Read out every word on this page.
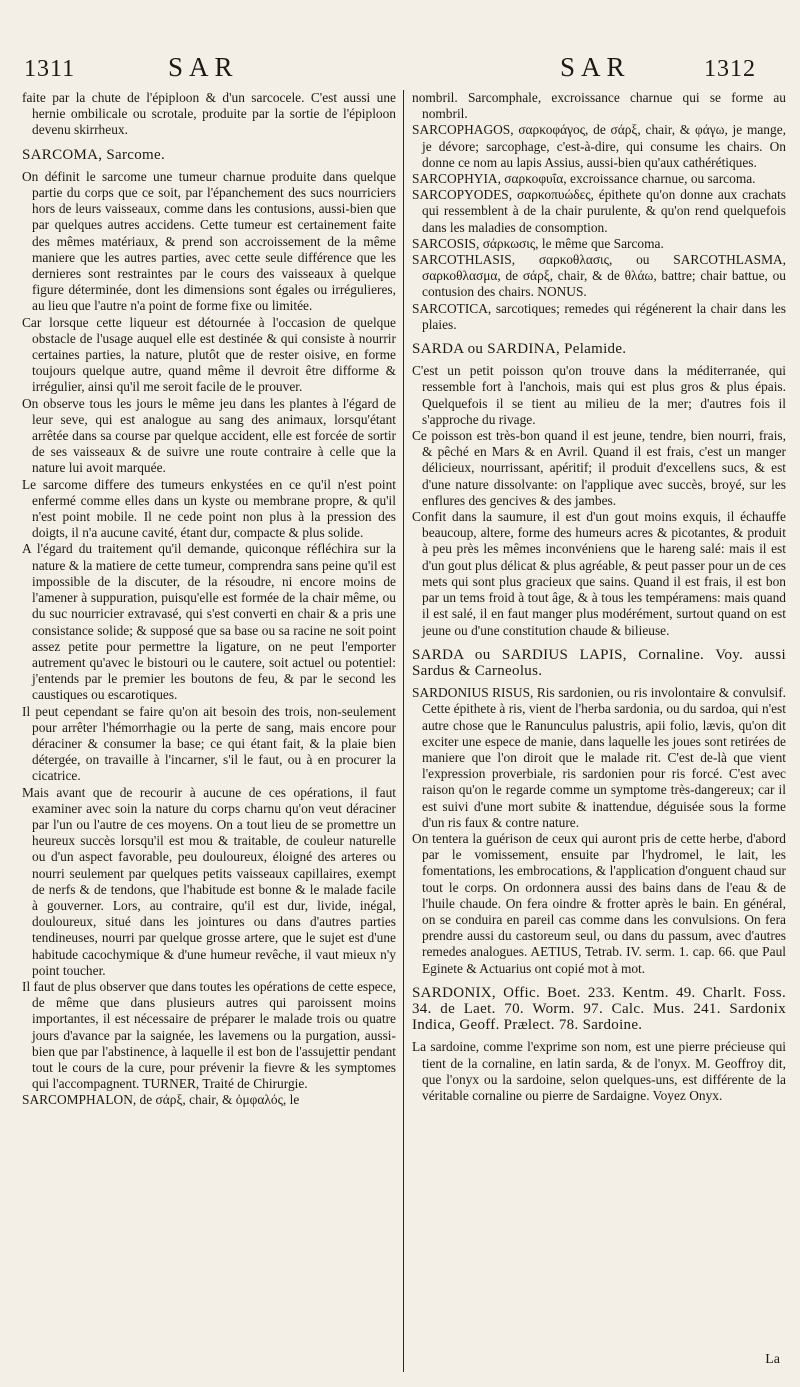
1311	SAR	SAR	1312

faite par la chute de l'épiploon & d'un sarcocele. C'est aussi une hernie ombilicale ou scrotale, produite par la sortie de l'épiploon devenu skirrheux.

SARCOMA, Sarcome.

On définit le sarcome une tumeur charnue produite dans quelque partie du corps que ce soit, par l'épanchement des sucs nourriciers hors de leurs vaisseaux, comme dans les contusions, aussi-bien que par quelques autres accidens. Cette tumeur est certainement faite des mêmes matériaux, & prend son accroissement de la même maniere que les autres parties, avec cette seule différence que les dernieres sont restraintes par le cours des vaisseaux à quelque figure déterminée, dont les dimensions sont égales ou irrégulieres, au lieu que l'autre n'a point de forme fixe ou limitée.

Car lorsque cette liqueur est détournée à l'occasion de quelque obstacle de l'usage auquel elle est destinée & qui consiste à nourrir certaines parties, la nature, plutôt que de rester oisive, en forme toujours quelque autre, quand même il devroit être difforme & irrégulier, ainsi qu'il me seroit facile de le prouver.

On observe tous les jours le même jeu dans les plantes à l'égard de leur seve, qui est analogue au sang des animaux, lorsqu'étant arrêtée dans sa course par quelque accident, elle est forcée de sortir de ses vaisseaux & de suivre une route contraire à celle que la nature lui avoit marquée.

Le sarcome differe des tumeurs enkystées en ce qu'il n'est point enfermé comme elles dans un kyste ou membrane propre, & qu'il n'est point mobile. Il ne cede point non plus à la pression des doigts, il n'a aucune cavité, étant dur, compacte & plus solide.

A l'égard du traitement qu'il demande, quiconque réfléchira sur la nature & la matiere de cette tumeur, comprendra sans peine qu'il est impossible de la discuter, de la résoudre, ni encore moins de l'amener à suppuration, puisqu'elle est formée de la chair même, ou du suc nourricier extravasé, qui s'est converti en chair & a pris une consistance solide; & supposé que sa base ou sa racine ne soit point assez petite pour permettre la ligature, on ne peut l'emporter autrement qu'avec le bistouri ou le cautere, soit actuel ou potentiel: j'entends par le premier les boutons de feu, & par le second les caustiques ou escarotiques.

Il peut cependant se faire qu'on ait besoin des trois, non-seulement pour arrêter l'hémorrhagie ou la perte de sang, mais encore pour déraciner & consumer la base; ce qui étant fait, & la plaie bien détergée, on travaille à l'incarner, s'il le faut, ou à en procurer la cicatrice.

Mais avant que de recourir à aucune de ces opérations, il faut examiner avec soin la nature du corps charnu qu'on veut déraciner par l'un ou l'autre de ces moyens. On a tout lieu de se promettre un heureux succès lorsqu'il est mou & traitable, de couleur naturelle ou d'un aspect favorable, peu douloureux, éloigné des arteres ou nourri seulement par quelques petits vaisseaux capillaires, exempt de nerfs & de tendons, que l'habitude est bonne & le malade facile à gouverner. Lors, au contraire, qu'il est dur, livide, inégal, douloureux, situé dans les jointures ou dans d'autres parties tendineuses, nourri par quelque grosse artere, que le sujet est d'une habitude cacochymique & d'une humeur revêche, il vaut mieux n'y point toucher.

Il faut de plus observer que dans toutes les opérations de cette espece, de même que dans plusieurs autres qui paroissent moins importantes, il est nécessaire de préparer le malade trois ou quatre jours d'avance par la saignée, les lavemens ou la purgation, aussi-bien que par l'abstinence, à laquelle il est bon de l'assujettir pendant tout le cours de la cure, pour prévenir la fievre & les symptomes qui l'accompagnent. TURNER, Traité de Chirurgie.

SARCOMPHALON, de σάρξ, chair, & ὀμφαλός, le

nombril. Sarcomphale, excroissance charnue qui se forme au nombril.

SARCOPHAGOS, σαρκοφάγος, de σάρξ, chair, & φάγω, je mange, je dévore; sarcophage, c'est-à-dire, qui consume les chairs. On donne ce nom au lapis Assius, aussi-bien qu'aux cathérétiques.

SARCOPHYIA, σαρκοφυΐα, excroissance charnue, ou sarcoma.

SARCOPYODES, σαρκοπυώδες, épithete qu'on donne aux crachats qui ressemblent à de la chair purulente, & qu'on rend quelquefois dans les maladies de consomption.

SARCOSIS, σάρκωσις, le même que Sarcoma.

SARCOTHLASIS, σαρκοθλασις, ou SARCOTHLASMA, σαρκοθλασμα, de σάρξ, chair, & de θλάω, battre; chair battue, ou contusion des chairs. NONUS.

SARCOTICA, sarcotiques; remedes qui régénerent la chair dans les plaies.

SARDA ou SARDINA, Pelamide.

C'est un petit poisson qu'on trouve dans la méditerranée, qui ressemble fort à l'anchois, mais qui est plus gros & plus épais. Quelquefois il se tient au milieu de la mer; d'autres fois il s'approche du rivage.

Ce poisson est très-bon quand il est jeune, tendre, bien nourri, frais, & pêché en Mars & en Avril. Quand il est frais, c'est un manger délicieux, nourrissant, apéritif; il produit d'excellens sucs, & est d'une nature dissolvante: on l'applique avec succès, broyé, sur les enflures des gencives & des jambes.

Confit dans la saumure, il est d'un gout moins exquis, il échauffe beaucoup, altere, forme des humeurs acres & picotantes, & produit à peu près les mêmes inconvéniens que le hareng salé: mais il est d'un gout plus délicat & plus agréable, & peut passer pour un de ces mets qui sont plus gracieux que sains. Quand il est frais, il est bon par un tems froid à tout âge, & à tous les tempéramens: mais quand il est salé, il en faut manger plus modérément, surtout quand on est jeune ou d'une constitution chaude & bilieuse.

SARDA ou SARDIUS LAPIS, Cornaline. Voy. aussi Sardus & Carneolus.

SARDONIUS RISUS, Ris sardonien, ou ris involontaire & convulsif. Cette épithete à ris, vient de l'herba sardonia, ou du sardoa, qui n'est autre chose que le Ranunculus palustris, apii folio, lævis, qu'on dit exciter une espece de manie, dans laquelle les joues sont retirées de maniere que l'on diroit que le malade rit. C'est de-là que vient l'expression proverbiale, ris sardonien pour ris forcé. C'est avec raison qu'on le regarde comme un symptome très-dangereux; car il est suivi d'une mort subite & inattendue, déguisée sous la forme d'un ris faux & contre nature.

On tentera la guérison de ceux qui auront pris de cette herbe, d'abord par le vomissement, ensuite par l'hydromel, le lait, les fomentations, les embrocations, & l'application d'onguent chaud sur tout le corps. On ordonnera aussi des bains dans de l'eau & de l'huile chaude. On fera oindre & frotter après le bain. En général, on se conduira en pareil cas comme dans les convulsions. On fera prendre aussi du castoreum seul, ou dans du passum, avec d'autres remedes analogues. AETIUS, Tetrab. IV. serm. 1. cap. 66. que Paul Eginete & Actuarius ont copié mot à mot.

SARDONIX, Offic. Boet. 233. Kentm. 49. Charlt. Foss. 34. de Laet. 70. Worm. 97. Calc. Mus. 241. Sardonix Indica, Geoff. Prælect. 78. Sardoine.

La sardoine, comme l'exprime son nom, est une pierre précieuse qui tient de la cornaline, en latin sarda, & de l'onyx. M. Geoffroy dit, que l'onyx ou la sardoine, selon quelques-uns, est différente de la véritable cornaline ou pierre de Sardaigne. Voyez Onyx.

La
